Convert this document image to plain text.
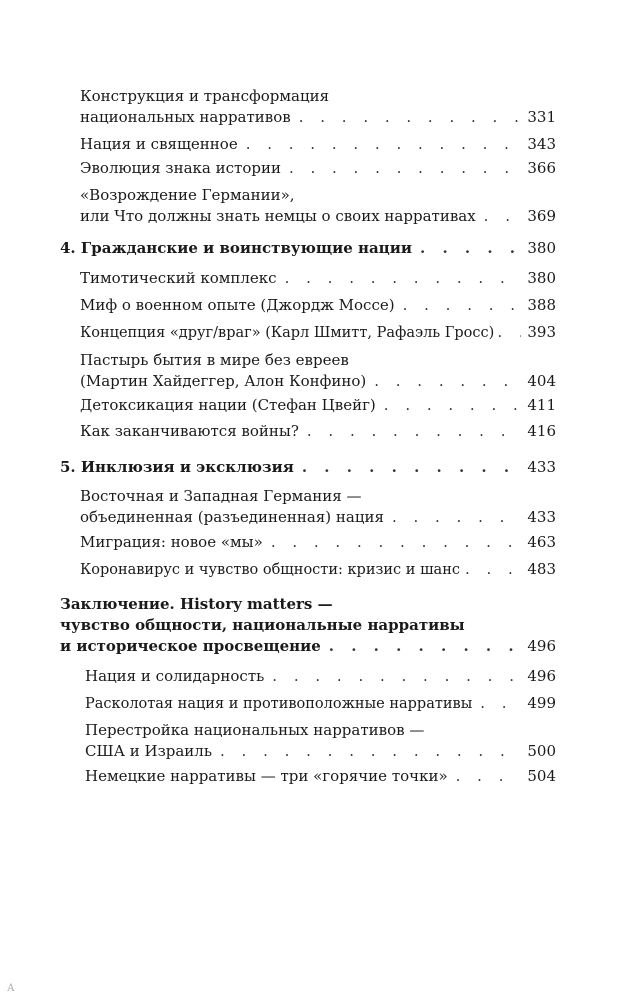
Конструкция и трансформация
национальных нарративов . . .	331
Нация и священное . . .	343
Эволюция знака истории . . .	366
«Возрождение Германии»,
или Что должны знать немцы о своих нарративах . . .	369
4. Гражданские и воинствующие нации . . .	380
Тимотический комплекс . . .	380
Миф о военном опыте (Джордж Моссе) . . .	388
Концепция «друг/враг» (Карл Шмитт, Рафаэль Гросс) . . . 393
Пастырь бытия в мире без евреев
(Мартин Хайдеггер, Алон Конфино) . . .	404
Детоксикация нации (Стефан Цвейг) . . .	411
Как заканчиваются войны? . . .	416
5. Инклюзия и эксклюзия . . .	433
Восточная и Западная Германия —
объединенная (разъединенная) нация . . .	433
Миграция: новое «мы» . . .	463
Коронавирус и чувство общности: кризис и шанс . . .	483
Заключение. History matters —
чувство общности, национальные нарративы
и историческое просвещение . . .	496
Нация и солидарность . . .	496
Расколотая нация и противоположные нарративы . . .	499
Перестройка национальных нарративов —
США и Израиль . . .	500
Немецкие нарративы — три «горячие точки» . . .	504
А
